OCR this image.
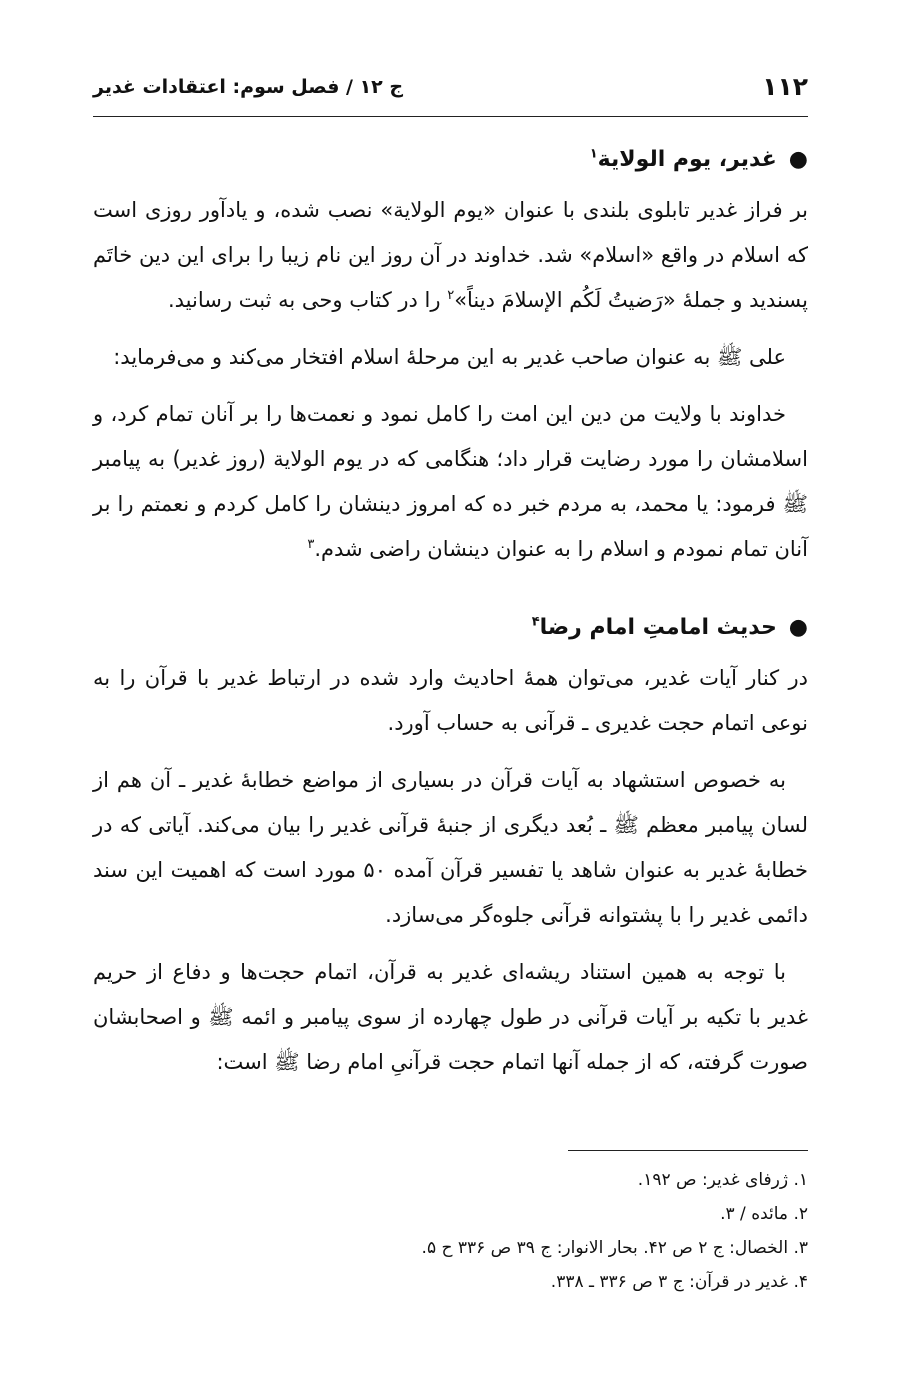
۱۱۲
ج ۱۲ / فصل سوم: اعتقادات غدیر

●غدیر، یوم الولایة$^۱$

بر فراز غدیر تابلوی بلندی با عنوان «یوم الولایة» نصب شده، و یادآور روزی است که اسلام در واقع «اسلام» شد. خداوند در آن روز این نام زیبا را برای این دین خاتَم پسندید و جملۀ «رَضیتُ لَکُم الإسلامَ دیناً»$^۲$ را در کتاب وحی به ثبت رسانید.

علی ﷺ به عنوان صاحب غدیر به این مرحلۀ اسلام افتخار می‌کند و می‌فرماید:

خداوند با ولایت من دین این امت را کامل نمود و نعمت‌ها را بر آنان تمام کرد، و اسلامشان را مورد رضایت قرار داد؛ هنگامی که در یوم الولایة (روز غدیر) به پیامبر ﷺ فرمود: یا محمد، به مردم خبر ده که امروز دینشان را کامل کردم و نعمتم را بر آنان تمام نمودم و اسلام را به عنوان دینشان راضی شدم.$^۳$

●حدیث امامتِ امام رضا$^۴$

در کنار آیات غدیر، می‌توان همۀ احادیث وارد شده در ارتباط غدیر با قرآن را به نوعی اتمام حجت غدیری ـ قرآنی به حساب آورد.

به خصوص استشهاد به آیات قرآن در بسیاری از مواضع خطابۀ غدیر ـ آن هم از لسان پیامبر معظم ﷺ ـ بُعد دیگری از جنبۀ قرآنی غدیر را بیان می‌کند. آیاتی که در خطابۀ غدیر به عنوان شاهد یا تفسیر قرآن آمده ۵۰ مورد است که اهمیت این سند دائمی غدیر را با پشتوانه قرآنی جلوه‌گر می‌سازد.

با توجه به همین استناد ریشه‌ای غدیر به قرآن، اتمام حجت‌ها و دفاع از حریم غدیر با تکیه بر آیات قرآنی در طول چهارده از سوی پیامبر و ائمه ﷺ و اصحابشان صورت گرفته، که از جمله آنها اتمام حجت قرآنیِ امام رضا ﷺ است:

۱. ژرفای غدیر: ص ۱۹۲.

۲. مائده / ۳.

۳. الخصال: ج ۲ ص ۴۲. بحار الانوار: ج ۳۹ ص ۳۳۶ ح ۵.

۴. غدیر در قرآن: ج ۳ ص ۳۳۶ ـ ۳۳۸.
